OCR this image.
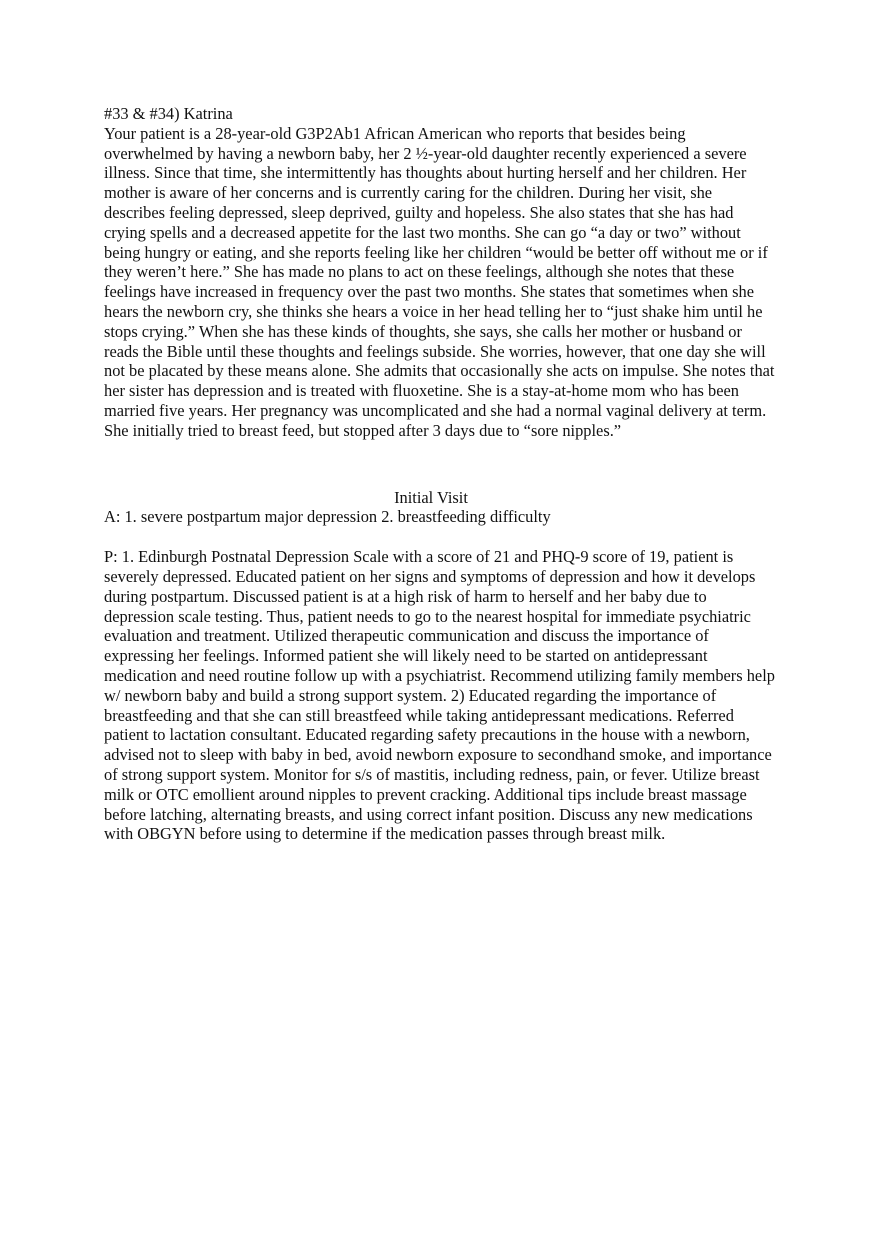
#33 & #34) Katrina

Your patient is a 28-year-old G3P2Ab1 African American who reports that besides being overwhelmed by having a newborn baby, her 2 ½-year-old daughter recently experienced a severe illness. Since that time, she intermittently has thoughts about hurting herself and her children. Her mother is aware of her concerns and is currently caring for the children. During her visit, she describes feeling depressed, sleep deprived, guilty and hopeless. She also states that she has had crying spells and a decreased appetite for the last two months. She can go “a day or two” without being hungry or eating, and she reports feeling like her children “would be better off without me or if they weren’t here.” She has made no plans to act on these feelings, although she notes that these feelings have increased in frequency over the past two months. She states that sometimes when she hears the newborn cry, she thinks she hears a voice in her head telling her to “just shake him until he stops crying.” When she has these kinds of thoughts, she says, she calls her mother or husband or reads the Bible until these thoughts and feelings subside. She worries, however, that one day she will not be placated by these means alone. She admits that occasionally she acts on impulse. She notes that her sister has depression and is treated with fluoxetine. She is a stay-at-home mom who has been married five years. Her pregnancy was uncomplicated and she had a normal vaginal delivery at term. She initially tried to breast feed, but stopped after 3 days due to “sore nipples.”

Initial Visit

A: 1. severe postpartum major depression 2. breastfeeding difficulty

P: 1. Edinburgh Postnatal Depression Scale with a score of 21 and PHQ-9 score of 19, patient is severely depressed. Educated patient on her signs and symptoms of depression and how it develops during postpartum. Discussed patient is at a high risk of harm to herself and her baby due to depression scale testing. Thus, patient needs to go to the nearest hospital for immediate psychiatric evaluation and treatment. Utilized therapeutic communication and discuss the importance of expressing her feelings. Informed patient she will likely need to be started on antidepressant medication and need routine follow up with a psychiatrist. Recommend utilizing family members help w/ newborn baby and build a strong support system. 2) Educated regarding the importance of breastfeeding and that she can still breastfeed while taking antidepressant medications. Referred patient to lactation consultant. Educated regarding safety precautions in the house with a newborn, advised not to sleep with baby in bed, avoid newborn exposure to secondhand smoke, and importance of strong support system. Monitor for s/s of mastitis, including redness, pain, or fever. Utilize breast milk or OTC emollient around nipples to prevent cracking. Additional tips include breast massage before latching, alternating breasts, and using correct infant position. Discuss any new medications with OBGYN before using to determine if the medication passes through breast milk.
